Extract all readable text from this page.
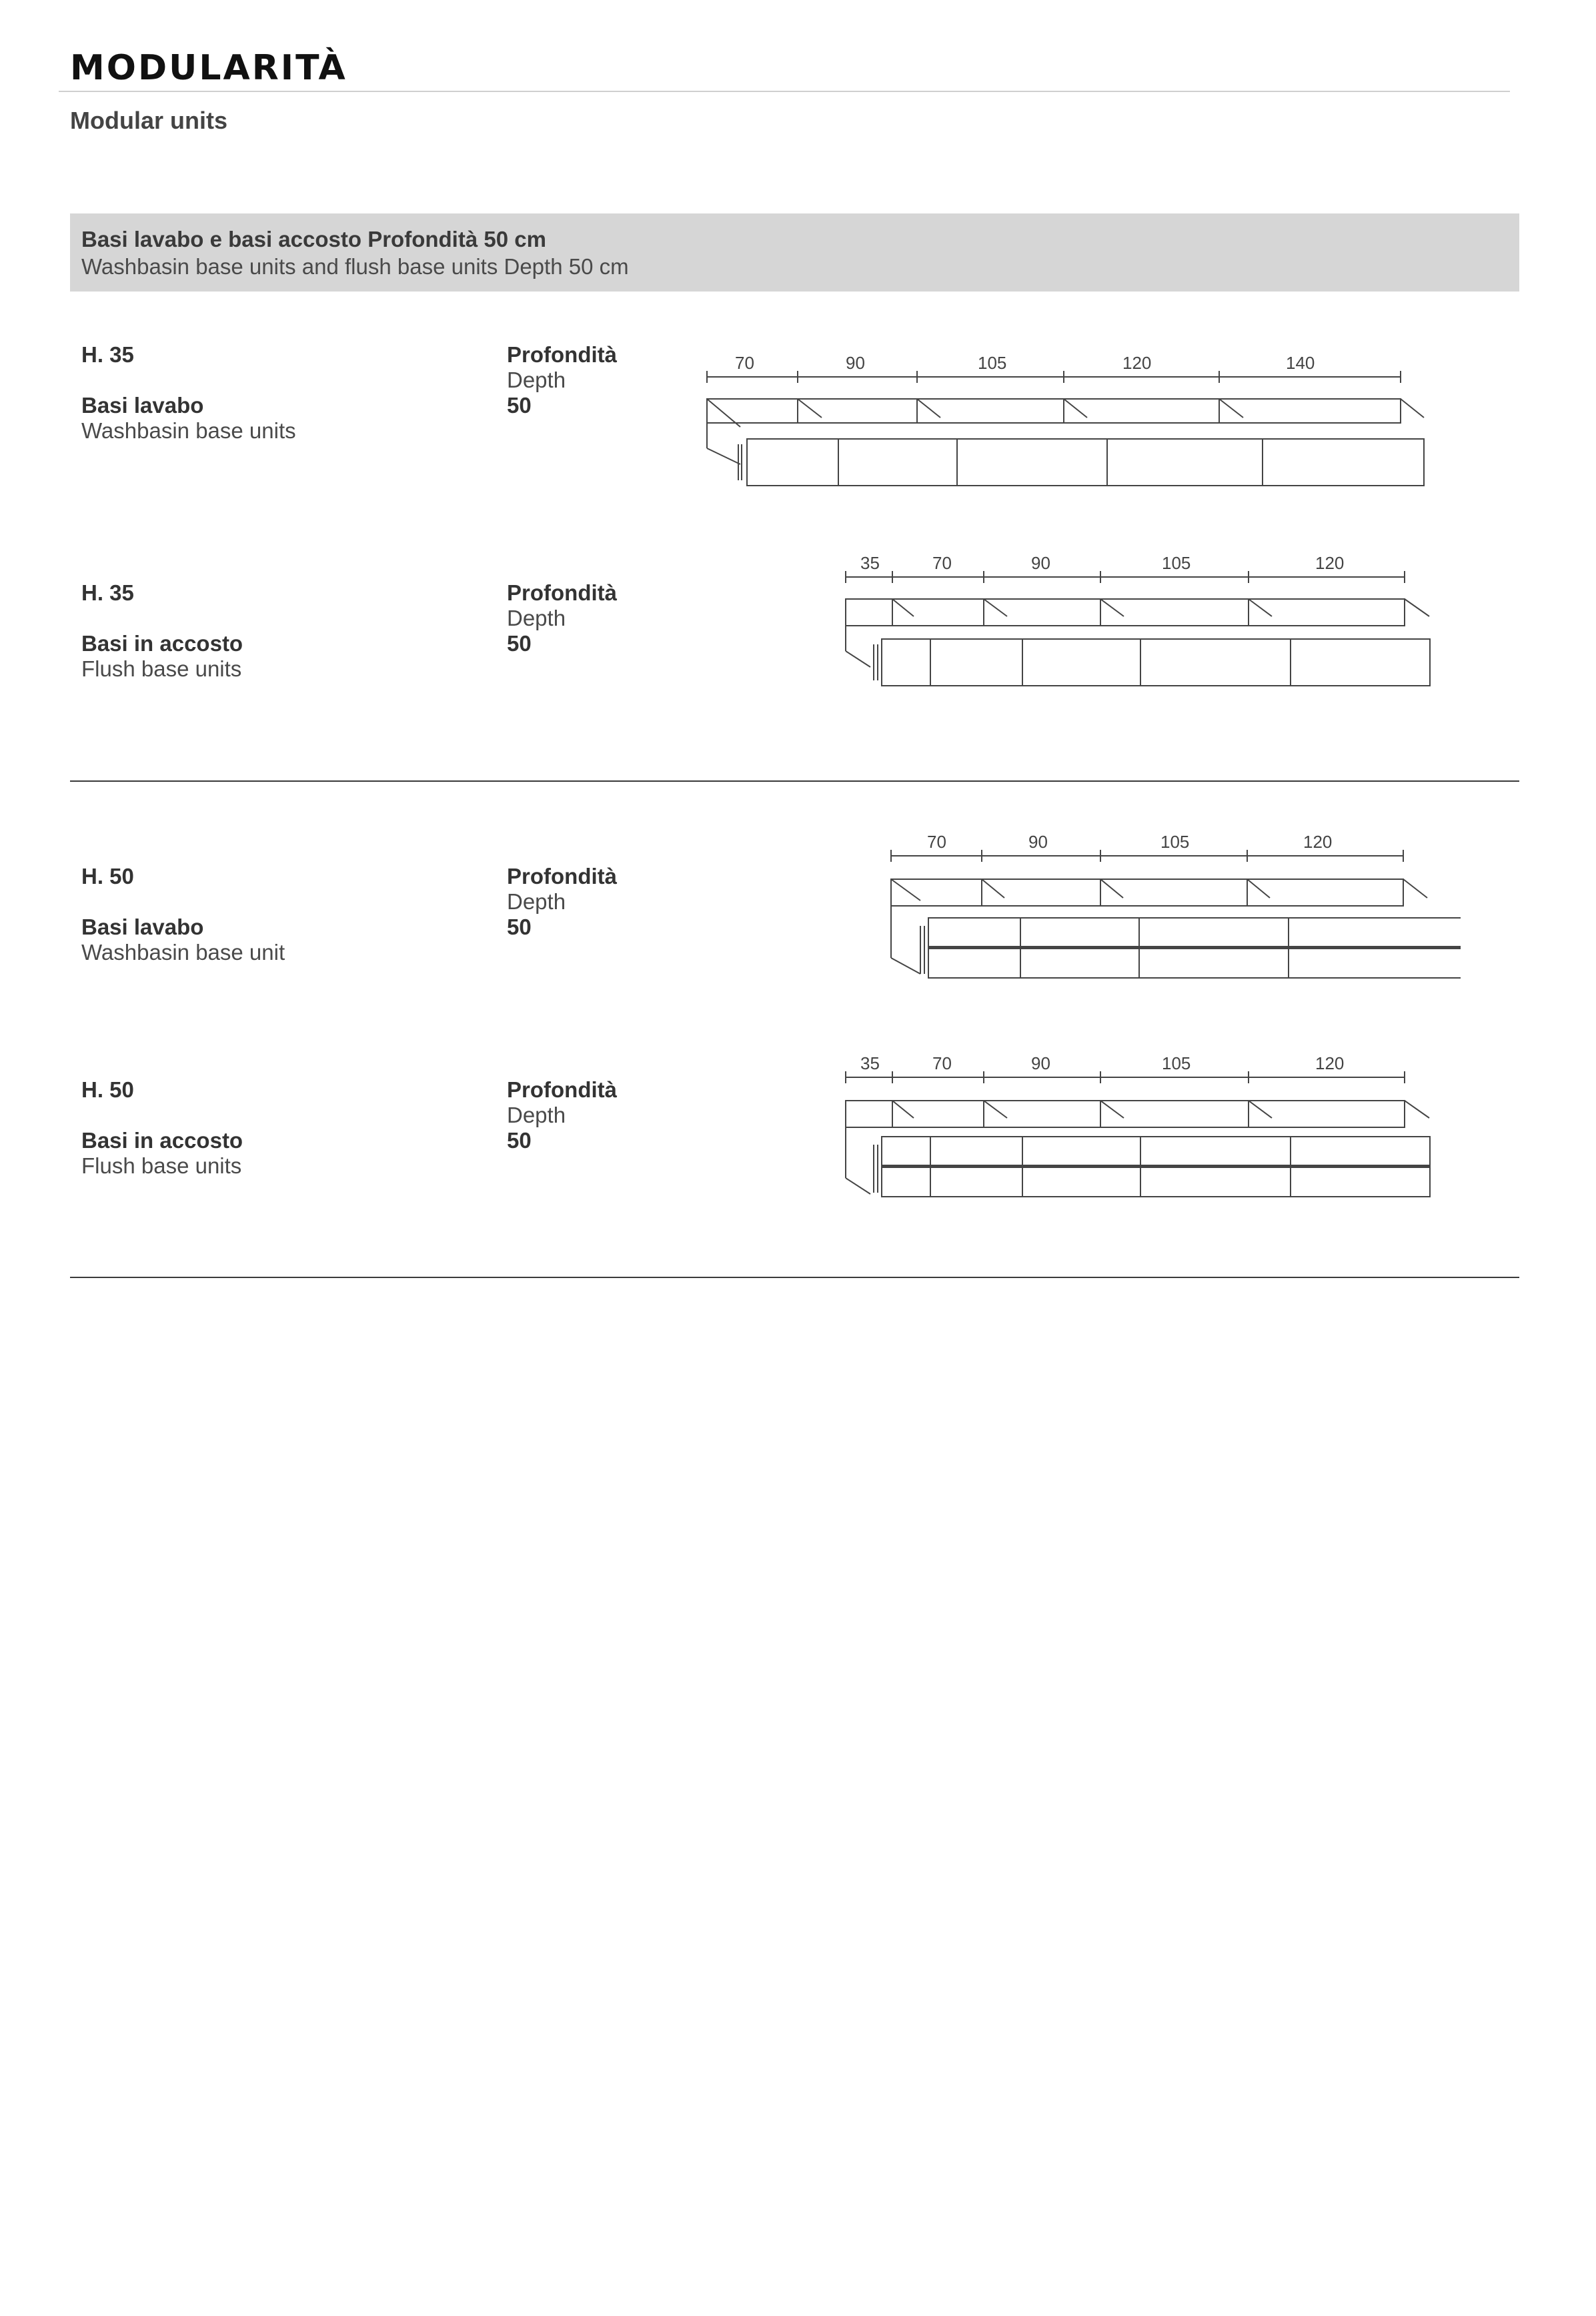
MODULARITÀ
Modular units
Basi lavabo e basi accosto Profondità 50 cm
Washbasin base units and flush base units Depth 50 cm
H. 35
Basi lavabo
Washbasin base units
Profondità
Depth
50
70	90	105	120	140
H. 35
Basi in accosto
Flush base units
Profondità
Depth
50
35	70	90	105	120
H. 50
Basi lavabo
Washbasin base unit
Profondità
Depth
50
70	90	105	120
H. 50
Basi in accosto
Flush base units
Profondità
Depth
50
35	70	90	105	120
